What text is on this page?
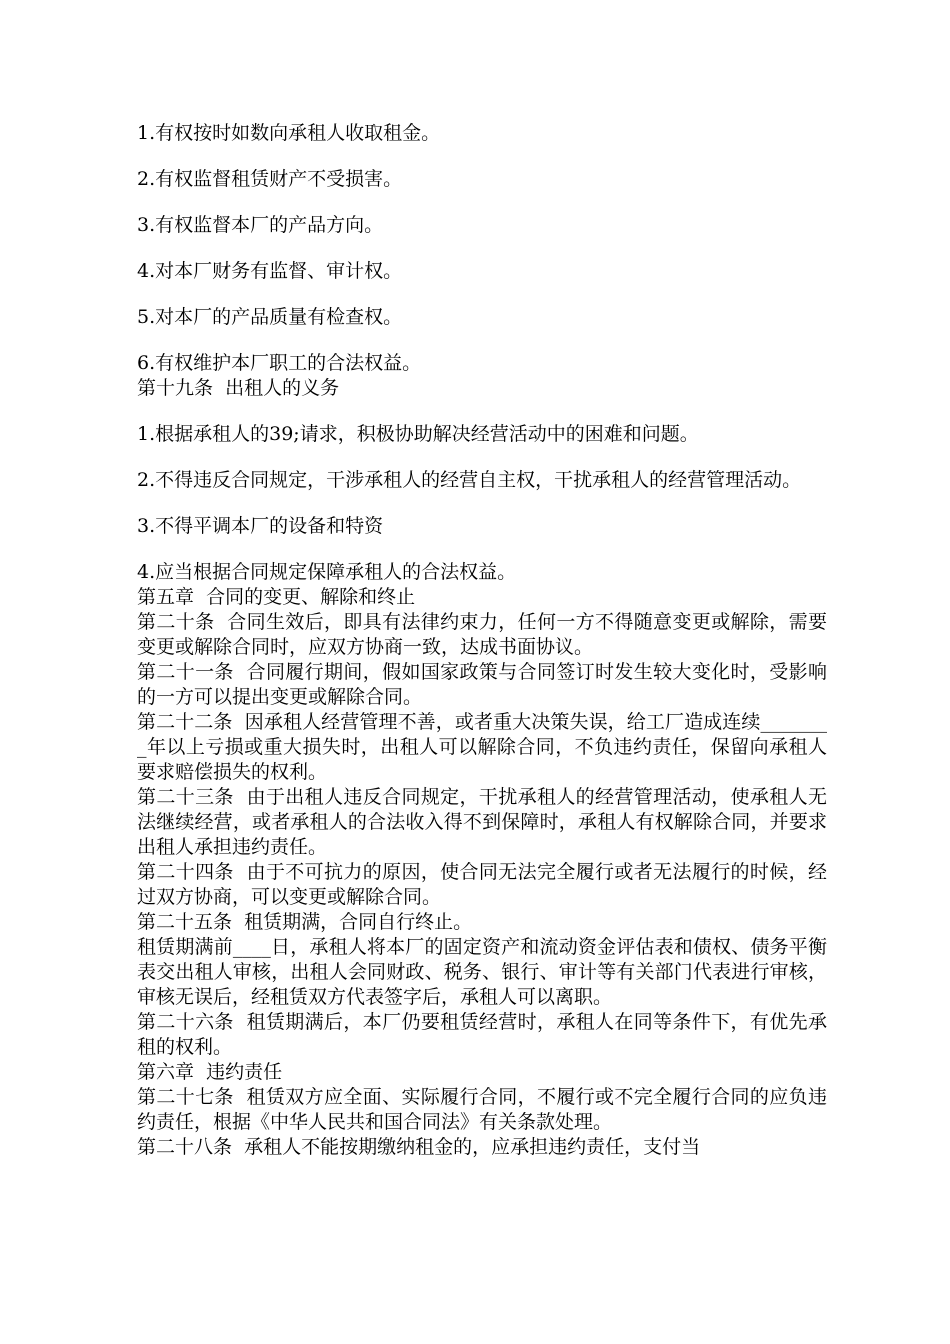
1.有权按时如数向承租人收取租金。

2.有权监督租赁财产不受损害。

3.有权监督本厂的产品方向。

4.对本厂财务有监督、审计权。

5.对本厂的产品质量有检查权。

6.有权维护本厂职工的合法权益。

第十九条  出租人的义务

1.根据承租人的39;请求，积极协助解决经营活动中的困难和问题。

2.不得违反合同规定，干涉承租人的经营自主权，干扰承租人的经营管理活动。

3.不得平调本厂的设备和特资

4.应当根据合同规定保障承租人的合法权益。

第五章  合同的变更、解除和终止

第二十条  合同生效后，即具有法律约束力，任何一方不得随意变更或解除，需要变更或解除合同时，应双方协商一致，达成书面协议。

第二十一条  合同履行期间，假如国家政策与合同签订时发生较大变化时，受影响的一方可以提出变更或解除合同。

第二十二条  因承租人经营管理不善，或者重大决策失误，给工厂造成连续________年以上亏损或重大损失时，出租人可以解除合同，不负违约责任，保留向承租人要求赔偿损失的权利。

第二十三条  由于出租人违反合同规定，干扰承租人的经营管理活动，使承租人无法继续经营，或者承租人的合法收入得不到保障时，承租人有权解除合同，并要求出租人承担违约责任。

第二十四条  由于不可抗力的原因，使合同无法完全履行或者无法履行的时候，经过双方协商，可以变更或解除合同。

第二十五条  租赁期满，合同自行终止。

租赁期满前____日，承租人将本厂的固定资产和流动资金评估表和债权、债务平衡表交出租人审核，出租人会同财政、税务、银行、审计等有关部门代表进行审核，审核无误后，经租赁双方代表签字后，承租人可以离职。

第二十六条  租赁期满后，本厂仍要租赁经营时，承租人在同等条件下，有优先承租的权利。

第六章  违约责任

第二十七条  租赁双方应全面、实际履行合同，不履行或不完全履行合同的应负违约责任，根据《中华人民共和国合同法》有关条款处理。

第二十八条  承租人不能按期缴纳租金的，应承担违约责任，支付当
